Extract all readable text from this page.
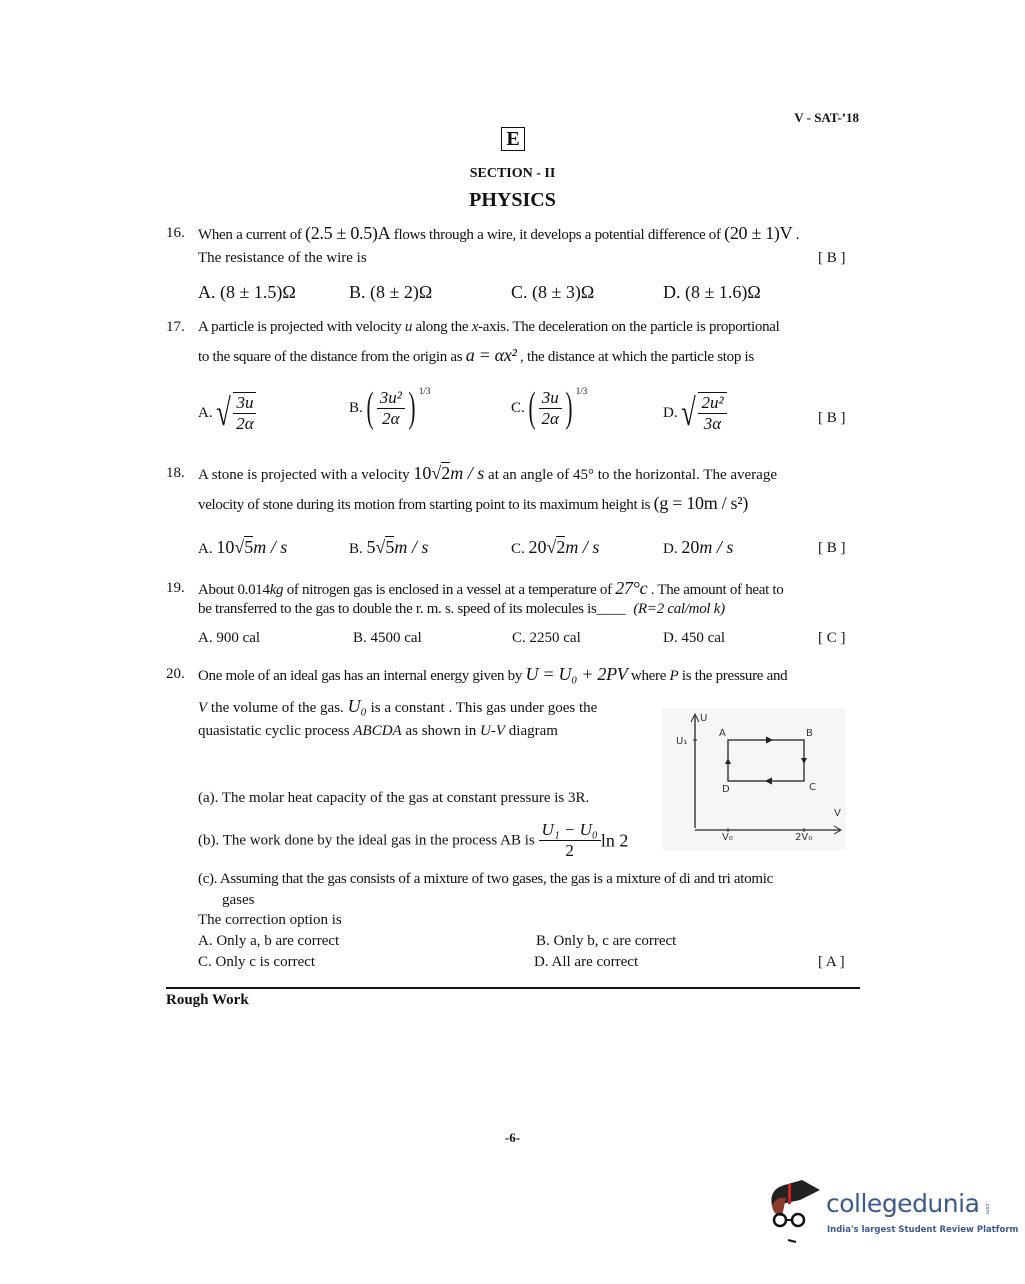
V - SAT-’18
E
SECTION - II
PHYSICS
16. When a current of (2.5 ± 0.5)A flows through a wire, it develops a potential difference of (20 ± 1)V .
The resistance of the wire is	[ B ]
A. (8 ± 1.5)Ω	B. (8 ± 2)Ω	C. (8 ± 3)Ω	D. (8 ± 1.6)Ω
17. A particle is projected with velocity u along the x-axis. The deceleration on the particle is proportional
to the square of the distance from the origin as a = αx² , the distance at which the particle stop is
A. √ $\frac{3u}{2\alpha}$	$B.( \frac{\text{3u²}}{2\alpha}$ ) $^{1/3}$
$C.( \frac{3u}{2\alpha}$ ) $^{1/3}$
D. √ $\frac{\text{2u²}}{3\alpha}$	[ B ]
18. A stone is projected with a velocity 10√2m / s at an angle of 45° to the horizontal. The average
velocity of stone during its motion from starting point to its maximum height is (g = 10m / s²)
A. 10√5m / s	B. 5√5m / s	C. 20√2m / s	D. 20m / s	[ B ]
19. About 0.014kg of nitrogen gas is enclosed in a vessel at a temperature of 27°c . The amount of heat to
be transferred to the gas to double the r. m. s. speed of its molecules is____ (R=2 cal/mol k)
A. 900 cal	B. 4500 cal	C. 2250 cal	D. 450 cal	[ C ]
20. One mole of an ideal gas has an internal energy given by U = U₀ + 2PV where P is the pressure and
V the volume of the gas. U₀ is a constant . This gas under goes the
quasistatic cyclic process ABCDA as shown in U-V diagram
U
V
U₁
V₀	2V₀
A	B
C
D
(a). The molar heat capacity of the gas at constant pressure is 3R.
(b). The work done by the ideal gas in the process AB is $\frac{\text{U₁ − U₀}}{2}$ ln 2
(c). Assuming that the gas consists of a mixture of two gases, the gas is a mixture of di and tri atomic
gases
The correction option is
A. Only a, b are correct	B. Only b, c are correct
C. Only c is correct	D. All are correct	[ A ]
Rough Work
-6-
collegedunia .com
India's largest Student Review Platform
